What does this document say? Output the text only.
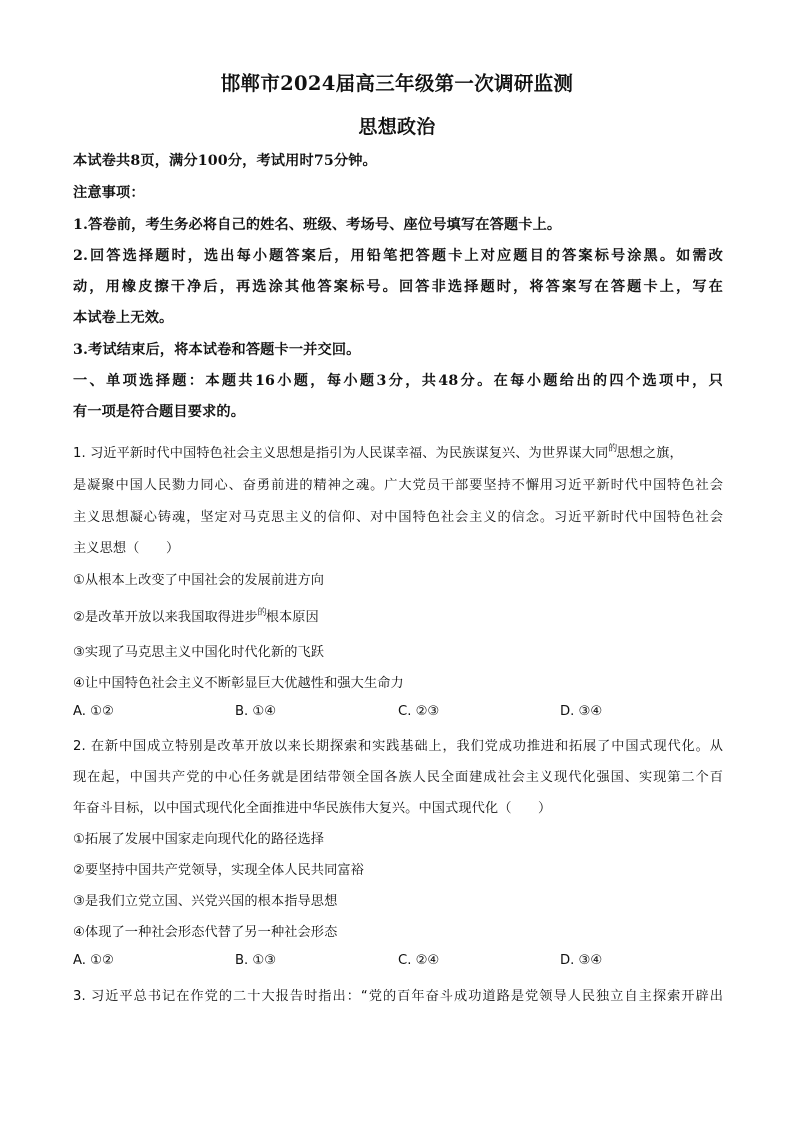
邯郸市2024届高三年级第一次调研监测
思想政治
本试卷共8页，满分100分，考试用时75分钟。
注意事项：
1.答卷前，考生务必将自己的姓名、班级、考场号、座位号填写在答题卡上。
2.回答选择题时，选出每小题答案后，用铅笔把答题卡上对应题目的答案标号涂黑。如需改
动，用橡皮擦干净后，再选涂其他答案标号。回答非选择题时，将答案写在答题卡上，写在
本试卷上无效。
3.考试结束后，将本试卷和答题卡一并交回。
一、单项选择题：本题共16小题，每小题3分，共48分。在每小题给出的四个选项中，只
有一项是符合题目要求的。
1. 习近平新时代中国特色社会主义思想是指引为人民谋幸福、为民族谋复兴、为世界谋大同$^的$思想之旗，
是凝聚中国人民勠力同心、奋勇前进的精神之魂。广大党员干部要坚持不懈用习近平新时代中国特色社会
主义思想凝心铸魂，坚定对马克思主义的信仰、对中国特色社会主义的信念。习近平新时代中国特色社会
主义思想（　　）
①从根本上改变了中国社会的发展前进方向
②是改革开放以来我国取得进步$^的$根本原因
③实现了马克思主义中国化时代化新的飞跃
④让中国特色社会主义不断彰显巨大优越性和强大生命力
A. ①②	B. ①④	C. ②③	D. ③④
2. 在新中国成立特别是改革开放以来长期探索和实践基础上，我们党成功推进和拓展了中国式现代化。从
现在起，中国共产党的中心任务就是团结带领全国各族人民全面建成社会主义现代化强国、实现第二个百
年奋斗目标，以中国式现代化全面推进中华民族伟大复兴。中国式现代化（　　）
①拓展了发展中国家走向现代化的路径选择
②要坚持中国共产党领导，实现全体人民共同富裕
③是我们立党立国、兴党兴国的根本指导思想
④体现了一种社会形态代替了另一种社会形态
A. ①②	B. ①③	C. ②④	D. ③④
3. 习近平总书记在作党的二十大报告时指出：“党的百年奋斗成功道路是党领导人民独立自主探索开辟出
